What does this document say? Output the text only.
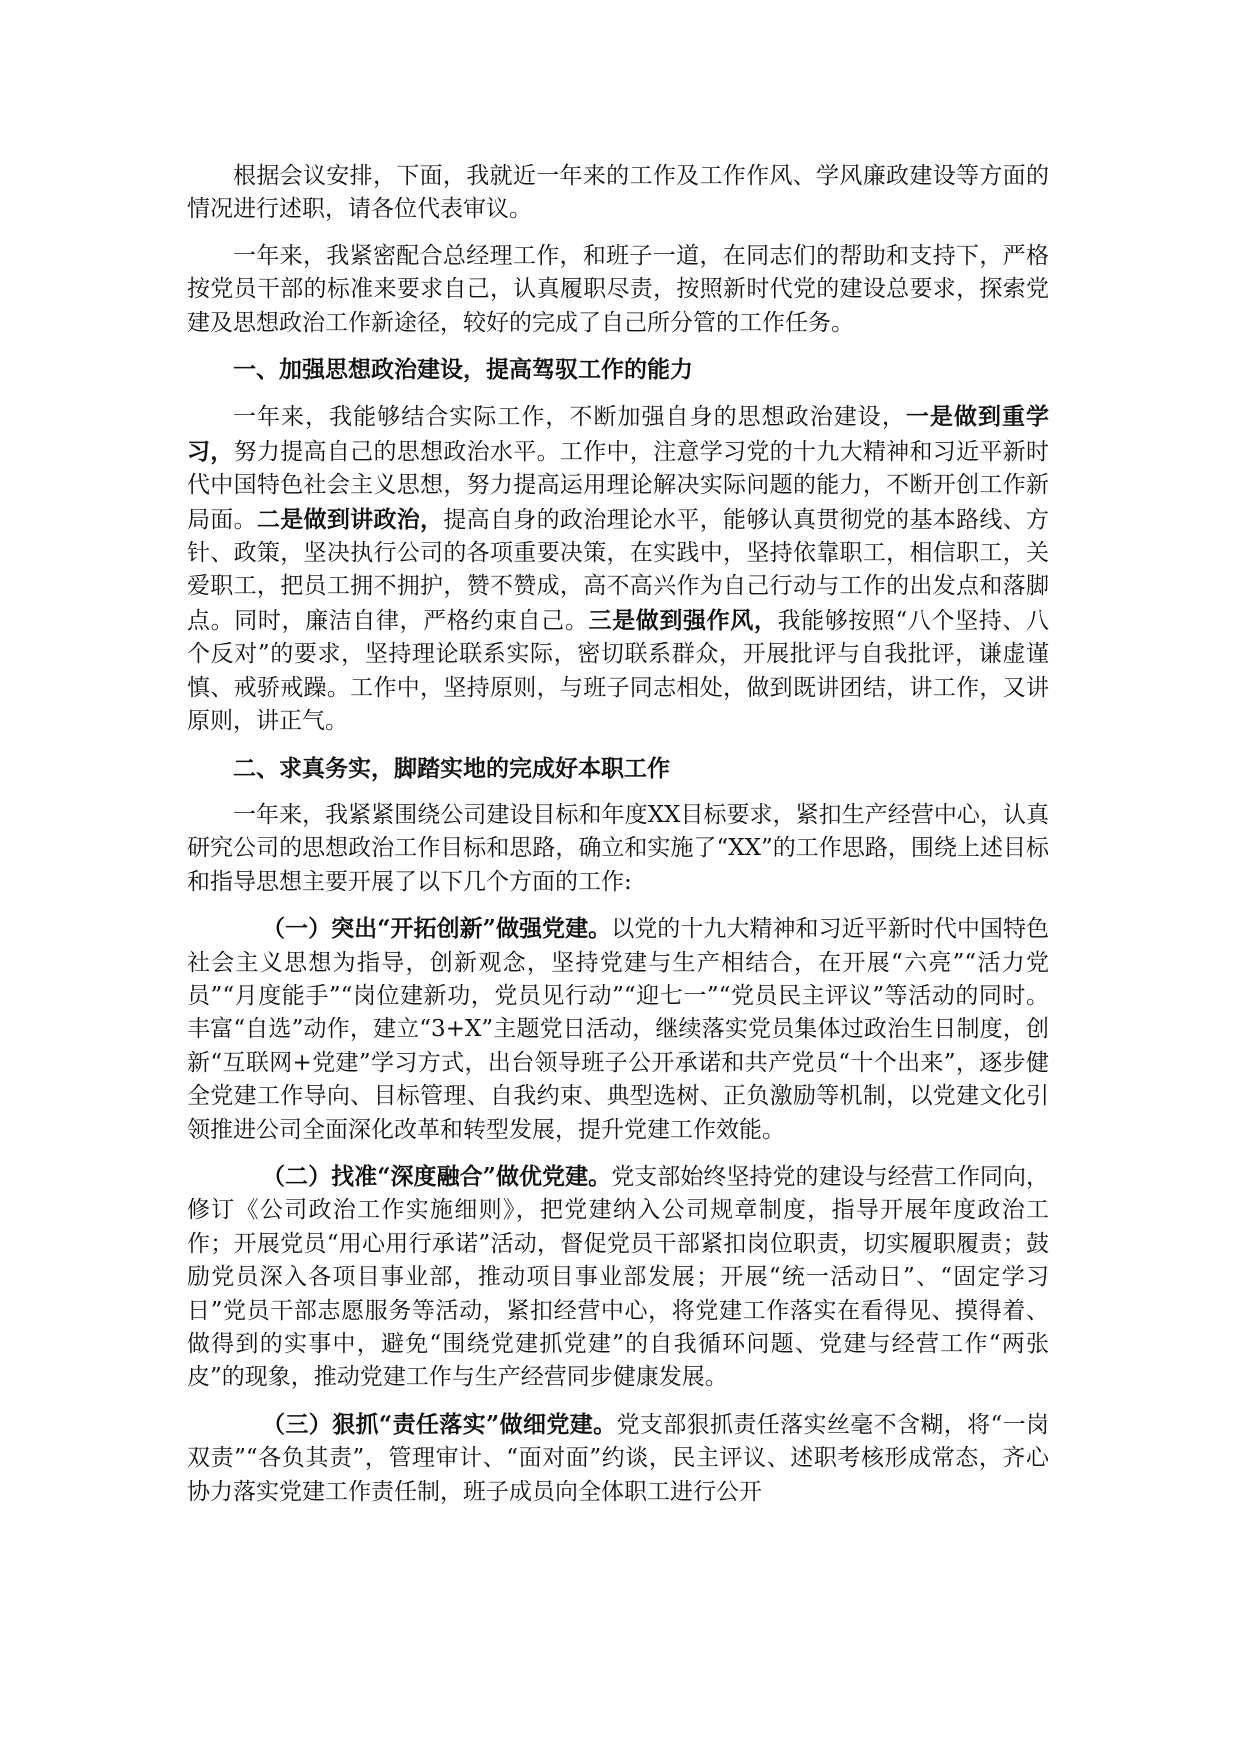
根据会议安排，下面，我就近一年来的工作及工作作风、学风廉政建设等方面的情况进行述职，请各位代表审议。

一年来，我紧密配合总经理工作，和班子一道，在同志们的帮助和支持下，严格按党员干部的标准来要求自己，认真履职尽责，按照新时代党的建设总要求，探索党建及思想政治工作新途径，较好的完成了自己所分管的工作任务。

一、加强思想政治建设，提高驾驭工作的能力

一年来，我能够结合实际工作，不断加强自身的思想政治建设，一是做到重学习，努力提高自己的思想政治水平。工作中，注意学习党的十九大精神和习近平新时代中国特色社会主义思想，努力提高运用理论解决实际问题的能力，不断开创工作新局面。二是做到讲政治，提高自身的政治理论水平，能够认真贯彻党的基本路线、方针、政策，坚决执行公司的各项重要决策，在实践中，坚持依靠职工，相信职工，关爱职工，把员工拥不拥护，赞不赞成，高不高兴作为自己行动与工作的出发点和落脚点。同时，廉洁自律，严格约束自己。三是做到强作风，我能够按照“八个坚持、八个反对”的要求，坚持理论联系实际，密切联系群众，开展批评与自我批评，谦虚谨慎、戒骄戒躁。工作中，坚持原则，与班子同志相处，做到既讲团结，讲工作，又讲原则，讲正气。

二、求真务实，脚踏实地的完成好本职工作

一年来，我紧紧围绕公司建设目标和年度XX目标要求，紧扣生产经营中心，认真研究公司的思想政治工作目标和思路，确立和实施了“XX”的工作思路，围绕上述目标和指导思想主要开展了以下几个方面的工作:

（一）突出“开拓创新”做强党建。以党的十九大精神和习近平新时代中国特色社会主义思想为指导，创新观念，坚持党建与生产相结合，在开展“六亮”“活力党员”“月度能手”“岗位建新功，党员见行动”“迎七一”“党员民主评议”等活动的同时。丰富“自选”动作，建立“3+X”主题党日活动，继续落实党员集体过政治生日制度，创新“互联网+党建”学习方式，出台领导班子公开承诺和共产党员“十个出来”，逐步健全党建工作导向、目标管理、自我约束、典型选树、正负激励等机制，以党建文化引领推进公司全面深化改革和转型发展，提升党建工作效能。

（二）找准“深度融合”做优党建。党支部始终坚持党的建设与经营工作同向，修订《公司政治工作实施细则》，把党建纳入公司规章制度，指导开展年度政治工作；开展党员“用心用行承诺”活动，督促党员干部紧扣岗位职责，切实履职履责；鼓励党员深入各项目事业部，推动项目事业部发展；开展“统一活动日”、“固定学习日”党员干部志愿服务等活动，紧扣经营中心，将党建工作落实在看得见、摸得着、做得到的实事中，避免“围绕党建抓党建”的自我循环问题、党建与经营工作“两张皮”的现象，推动党建工作与生产经营同步健康发展。

（三）狠抓“责任落实”做细党建。党支部狠抓责任落实丝毫不含糊，将“一岗双责”“各负其责”，管理审计、“面对面”约谈，民主评议、述职考核形成常态，齐心协力落实党建工作责任制，班子成员向全体职工进行公开
